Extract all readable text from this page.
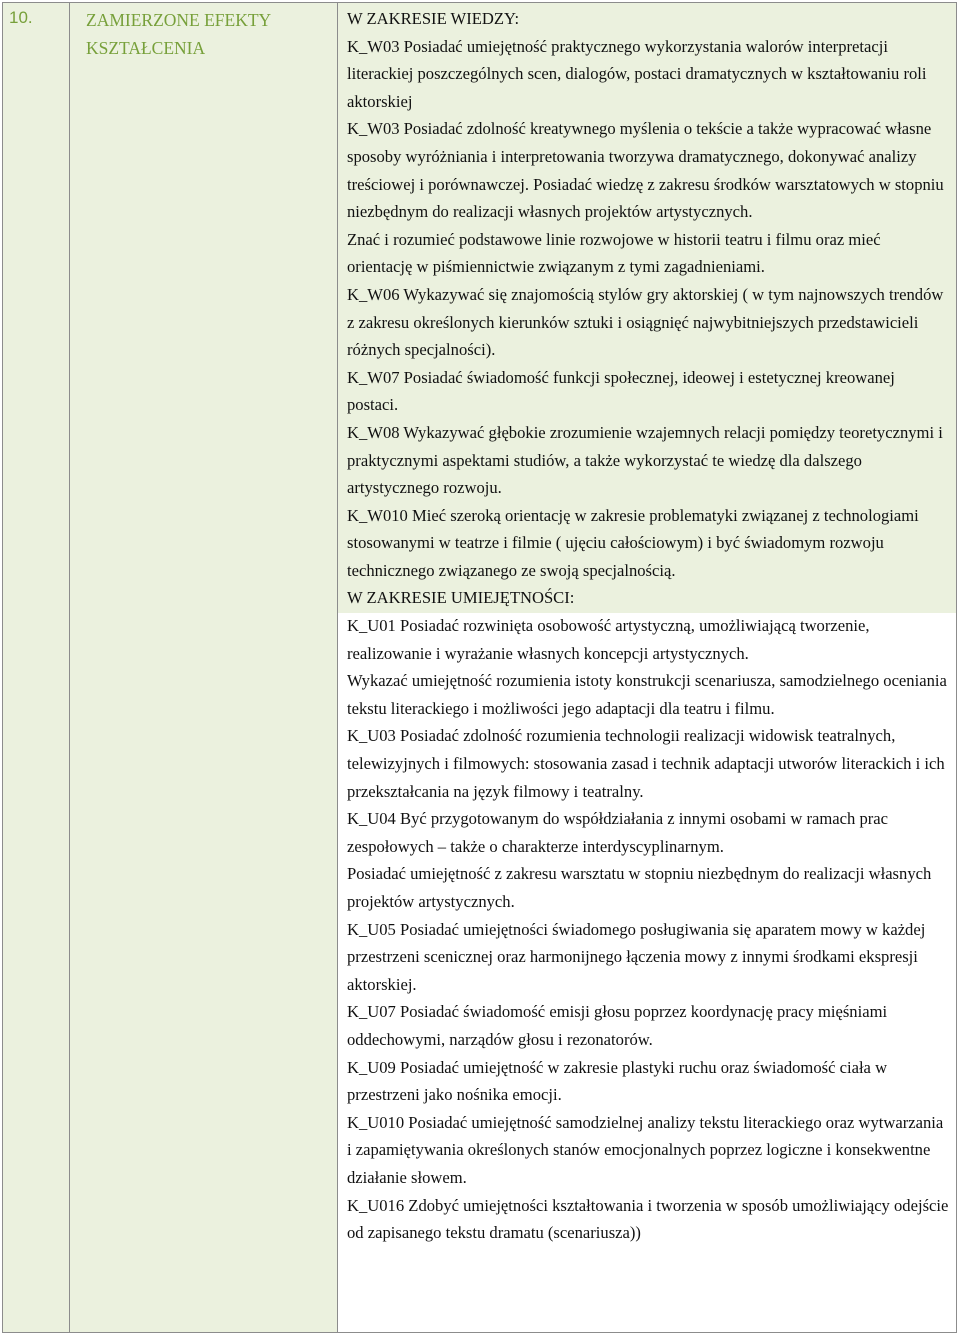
10.	ZAMIERZONE EFEKTY
KSZTAŁCENIA

W ZAKRESIE WIEDZY:

K_W03 Posiadać umiejętność praktycznego wykorzystania walorów interpretacji literackiej poszczególnych scen, dialogów, postaci dramatycznych w kształtowaniu roli aktorskiej

K_W03 Posiadać zdolność kreatywnego myślenia o tekście a także wypracować własne sposoby wyróżniania i interpretowania tworzywa dramatycznego, dokonywać analizy treściowej i porównawczej. Posiadać wiedzę z zakresu środków warsztatowych w stopniu niezbędnym do realizacji własnych projektów artystycznych.

Znać i rozumieć podstawowe linie rozwojowe w historii teatru i filmu oraz mieć orientację w piśmiennictwie związanym z tymi zagadnieniami.

K_W06 Wykazywać się znajomością stylów gry aktorskiej ( w tym najnowszych trendów z zakresu określonych kierunków sztuki i osiągnięć najwybitniejszych przedstawicieli różnych specjalności).

K_W07 Posiadać świadomość funkcji społecznej, ideowej i estetycznej kreowanej postaci.

K_W08 Wykazywać głębokie zrozumienie wzajemnych relacji pomiędzy teoretycznymi i praktycznymi aspektami studiów, a także wykorzystać te wiedzę dla dalszego artystycznego rozwoju.

K_W010 Mieć szeroką orientację w zakresie problematyki związanej z technologiami stosowanymi w teatrze i filmie ( ujęciu całościowym) i być świadomym rozwoju technicznego związanego ze swoją specjalnością.

W ZAKRESIE UMIEJĘTNOŚCI:

K_U01 Posiadać rozwinięta osobowość artystyczną, umożliwiającą tworzenie, realizowanie i wyrażanie własnych koncepcji artystycznych.

Wykazać umiejętność rozumienia istoty konstrukcji scenariusza, samodzielnego oceniania tekstu literackiego i możliwości jego adaptacji dla teatru i filmu.

K_U03 Posiadać zdolność rozumienia technologii realizacji widowisk teatralnych, telewizyjnych i filmowych: stosowania zasad i technik adaptacji utworów literackich i ich przekształcania na język filmowy i teatralny.

K_U04 Być przygotowanym do współdziałania z innymi osobami w ramach prac zespołowych – także o charakterze interdyscyplinarnym.

Posiadać umiejętność z zakresu warsztatu w stopniu niezbędnym do realizacji własnych projektów artystycznych.

K_U05 Posiadać umiejętności świadomego posługiwania się aparatem mowy w każdej przestrzeni scenicznej oraz harmonijnego łączenia mowy z innymi środkami ekspresji aktorskiej.

K_U07 Posiadać świadomość emisji głosu poprzez koordynację pracy mięśniami oddechowymi, narządów głosu i rezonatorów.

K_U09 Posiadać umiejętność w zakresie plastyki ruchu oraz świadomość ciała w przestrzeni jako nośnika emocji.

K_U010 Posiadać umiejętność samodzielnej analizy tekstu literackiego oraz wytwarzania i zapamiętywania określonych stanów emocjonalnych poprzez logiczne i konsekwentne działanie słowem.

K_U016 Zdobyć umiejętności kształtowania i tworzenia w sposób umożliwiający odejście od zapisanego tekstu dramatu (scenariusza))
